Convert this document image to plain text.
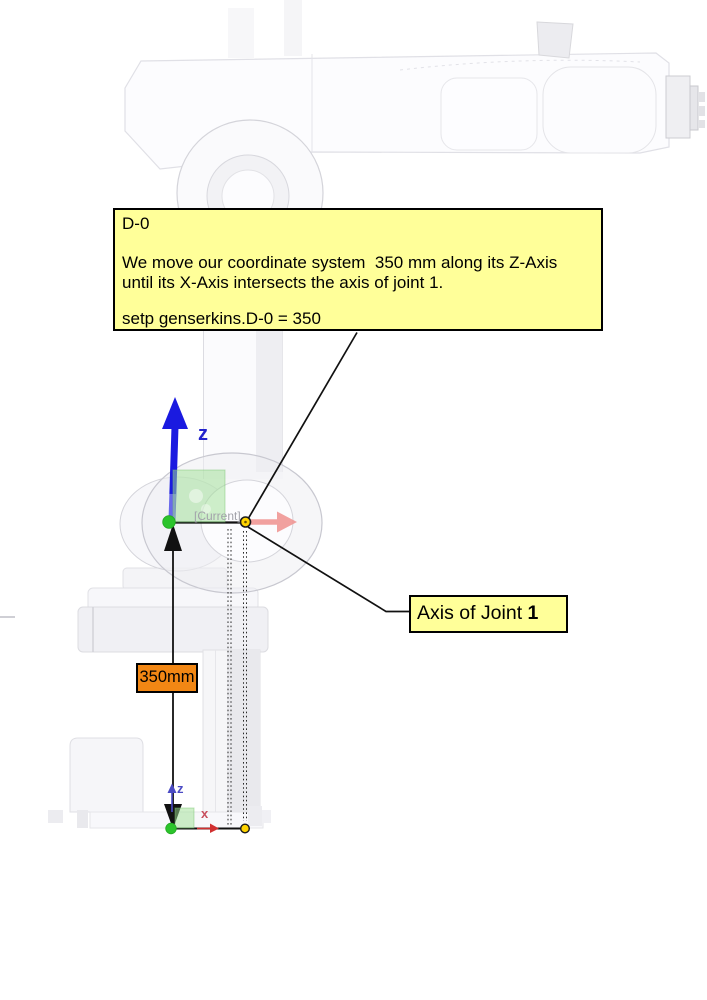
D-0
We move our coordinate system  350 mm along its Z-Axis
until its X-Axis intersects the axis of joint 1.
setp genserkins.D-0 = 350
Axis of Joint 1
350mm
[Current]
z
z
x
